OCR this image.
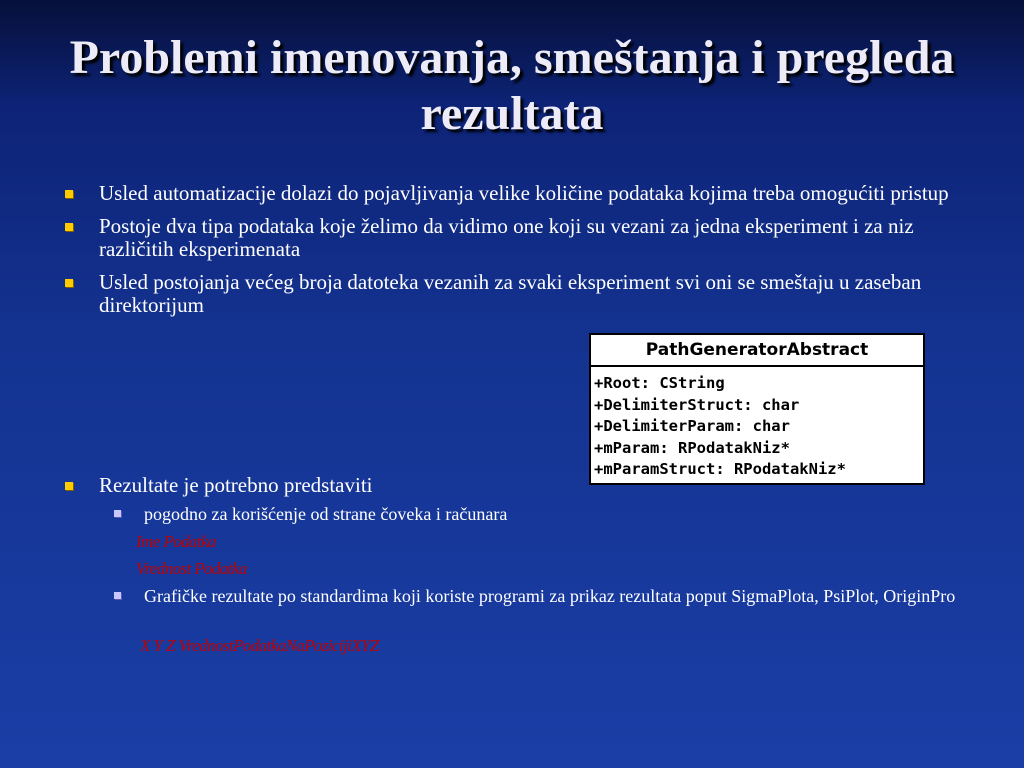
Problemi imenovanja, smeštanja i pregleda rezultata
Usled automatizacije dolazi do pojavljivanja velike količine podataka kojima treba omogućiti pristup
Postoje dva tipa podataka koje želimo da vidimo one koji su vezani za jedna eksperiment i za niz različitih eksperimenata
Usled postojanja većeg broja datoteka vezanih za svaki eksperiment svi oni se smeštaju u zaseban direktorijum
PathGeneratorAbstract
+Root: CString
+DelimiterStruct: char
+DelimiterParam: char
+mParam: RPodatakNiz*
+mParamStruct: RPodatakNiz*
Rezultate je potrebno predstaviti
pogodno za korišćenje od strane čoveka i računara
Ime Podatka
Vrednost Podatka
Grafičke rezultate po standardima koji koriste programi za prikaz rezultata poput SigmaPlota, PsiPlot, OriginPro
X Y Z VrednostPodatkaNaPozicijiXYZ
